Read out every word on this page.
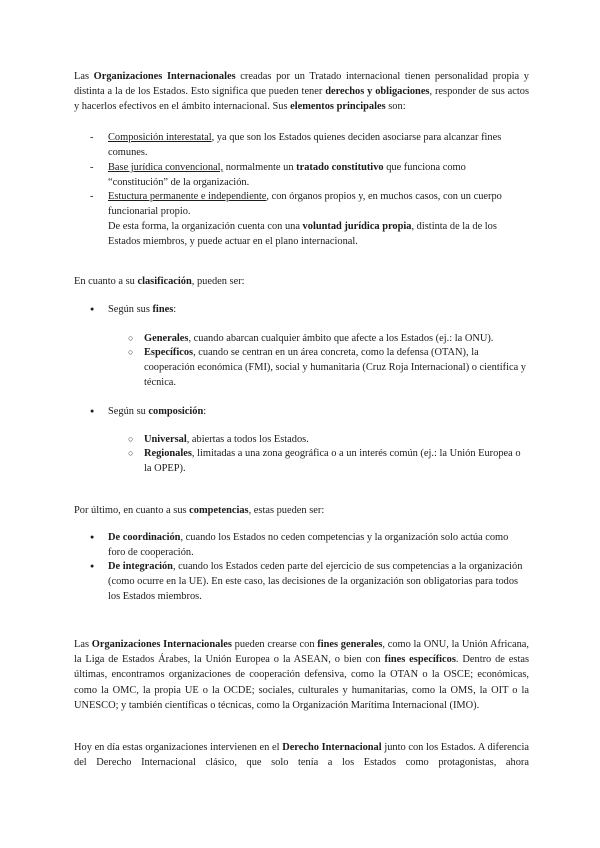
Las Organizaciones Internacionales creadas por un Tratado internacional tienen personalidad propia y distinta a la de los Estados. Esto significa que pueden tener derechos y obligaciones, responder de sus actos y hacerlos efectivos en el ámbito internacional. Sus elementos principales son:

- Composición interestatal, ya que son los Estados quienes deciden asociarse para alcanzar fines comunes.

- Base jurídica convencional, normalmente un tratado constitutivo que funciona como “constitución” de la organización.

- Estuctura permanente e independiente, con órganos propios y, en muchos casos, con un cuerpo funcionarial propio.

De esta forma, la organización cuenta con una voluntad jurídica propia, distinta de la de los Estados miembros, y puede actuar en el plano internacional.

En cuanto a su clasificación, pueden ser:

● Según sus fines:

○ Generales, cuando abarcan cualquier ámbito que afecte a los Estados (ej.: la ONU).

○ Específicos, cuando se centran en un área concreta, como la defensa (OTAN), la cooperación económica (FMI), social y humanitaria (Cruz Roja Internacional) o científica y técnica.

● Según su composición:

○ Universal, abiertas a todos los Estados.

○ Regionales, limitadas a una zona geográfica o a un interés común (ej.: la Unión Europea o la OPEP).

Por último, en cuanto a sus competencias, estas pueden ser:

● De coordinación, cuando los Estados no ceden competencias y la organización solo actúa como foro de cooperación.

● De integración, cuando los Estados ceden parte del ejercicio de sus competencias a la organización (como ocurre en la UE). En este caso, las decisiones de la organización son obligatorias para todos los Estados miembros.

Las Organizaciones Internacionales pueden crearse con fines generales, como la ONU, la Unión Africana, la Liga de Estados Árabes, la Unión Europea o la ASEAN, o bien con fines específicos. Dentro de estas últimas, encontramos organizaciones de cooperación defensiva, como la OTAN o la OSCE; económicas, como la OMC, la propia UE o la OCDE; sociales, culturales y humanitarias, como la OMS, la OIT o la UNESCO; y también científicas o técnicas, como la Organización Marítima Internacional (IMO).

Hoy en día estas organizaciones intervienen en el Derecho Internacional junto con los Estados. A diferencia del Derecho Internacional clásico, que solo tenía a los Estados como protagonistas, ahora
